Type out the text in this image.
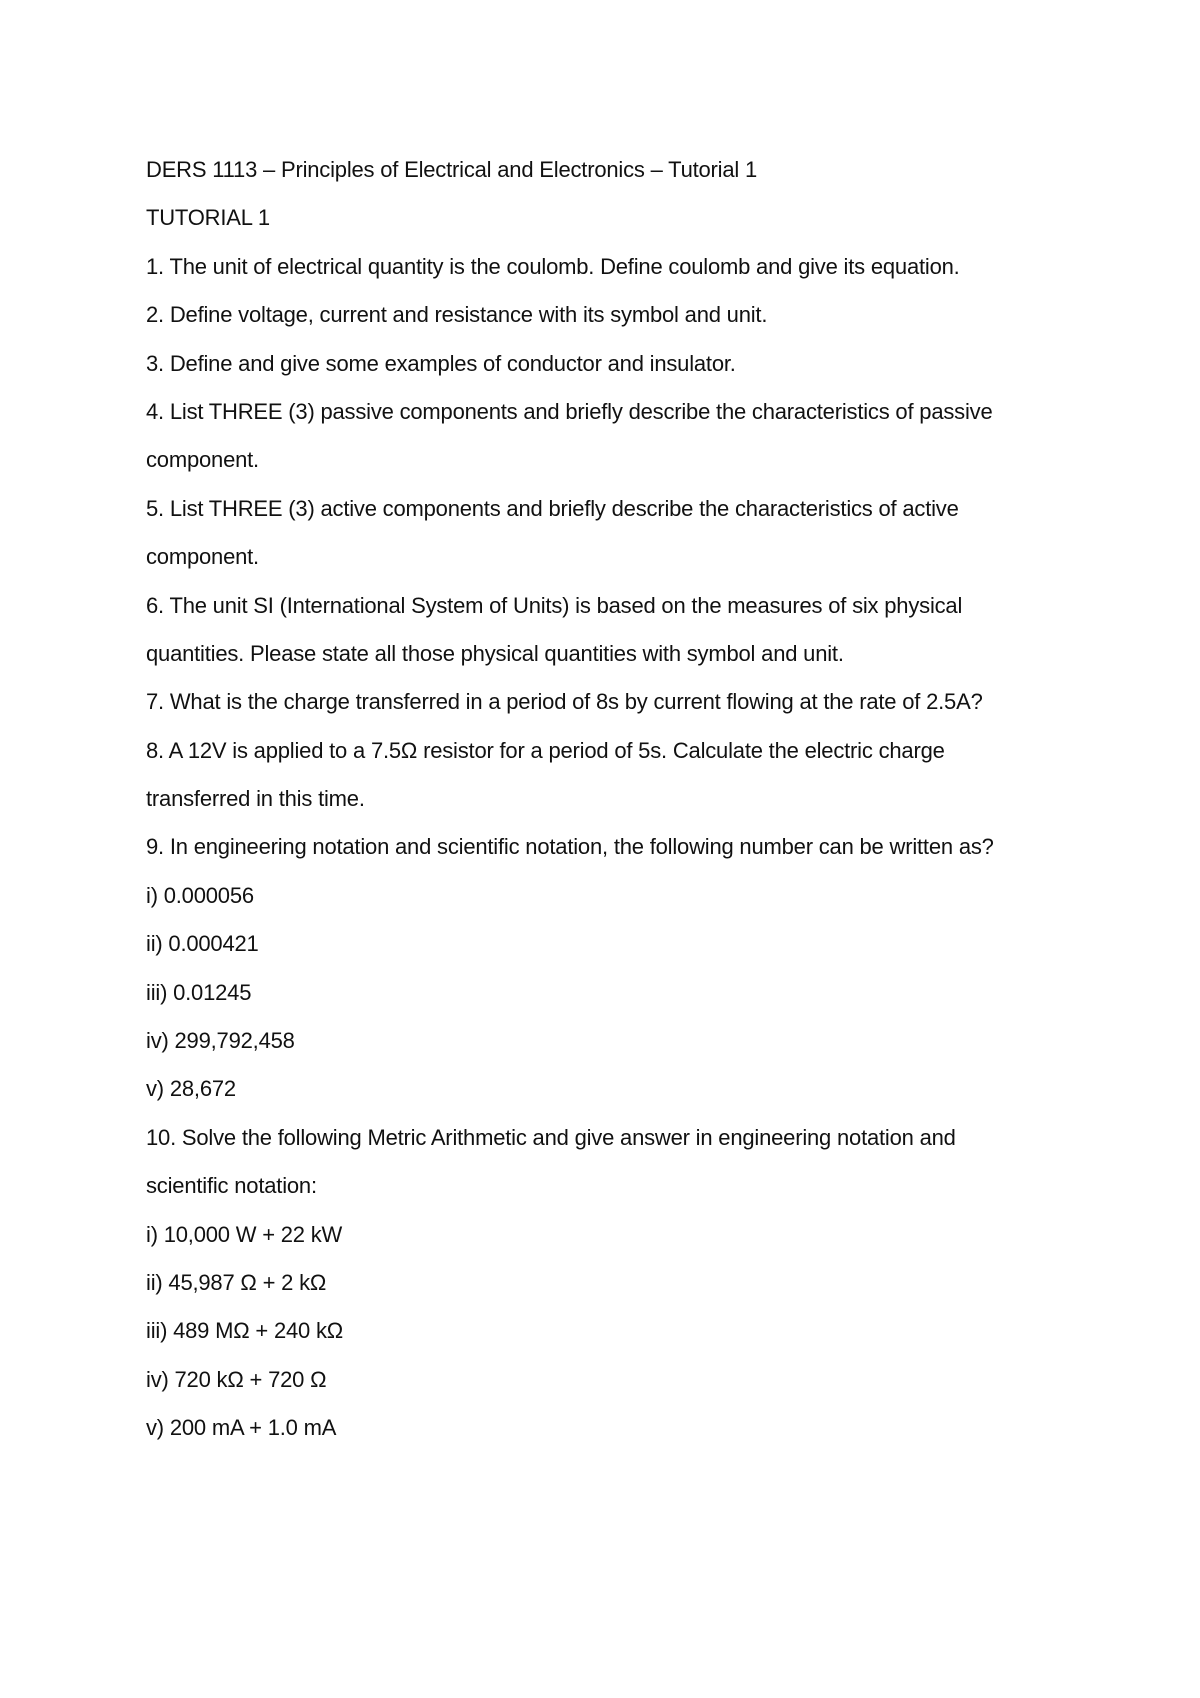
DERS 1113 – Principles of Electrical and Electronics – Tutorial 1
TUTORIAL 1
1. The unit of electrical quantity is the coulomb. Define coulomb and give its equation.
2. Define voltage, current and resistance with its symbol and unit.
3. Define and give some examples of conductor and insulator.
4. List THREE (3) passive components and briefly describe the characteristics of passive
component.
5. List THREE (3) active components and briefly describe the characteristics of active
component.
6. The unit SI (International System of Units) is based on the measures of six physical
quantities. Please state all those physical quantities with symbol and unit.
7. What is the charge transferred in a period of 8s by current flowing at the rate of 2.5A?
8. A 12V is applied to a 7.5Ω resistor for a period of 5s. Calculate the electric charge
transferred in this time.
9. In engineering notation and scientific notation, the following number can be written as?
i) 0.000056
ii) 0.000421
iii) 0.01245
iv) 299,792,458
v) 28,672
10. Solve the following Metric Arithmetic and give answer in engineering notation and
scientific notation:
i) 10,000 W + 22 kW
ii) 45,987 Ω + 2 kΩ
iii) 489 MΩ + 240 kΩ
iv) 720 kΩ + 720 Ω
v) 200 mA + 1.0 mA
